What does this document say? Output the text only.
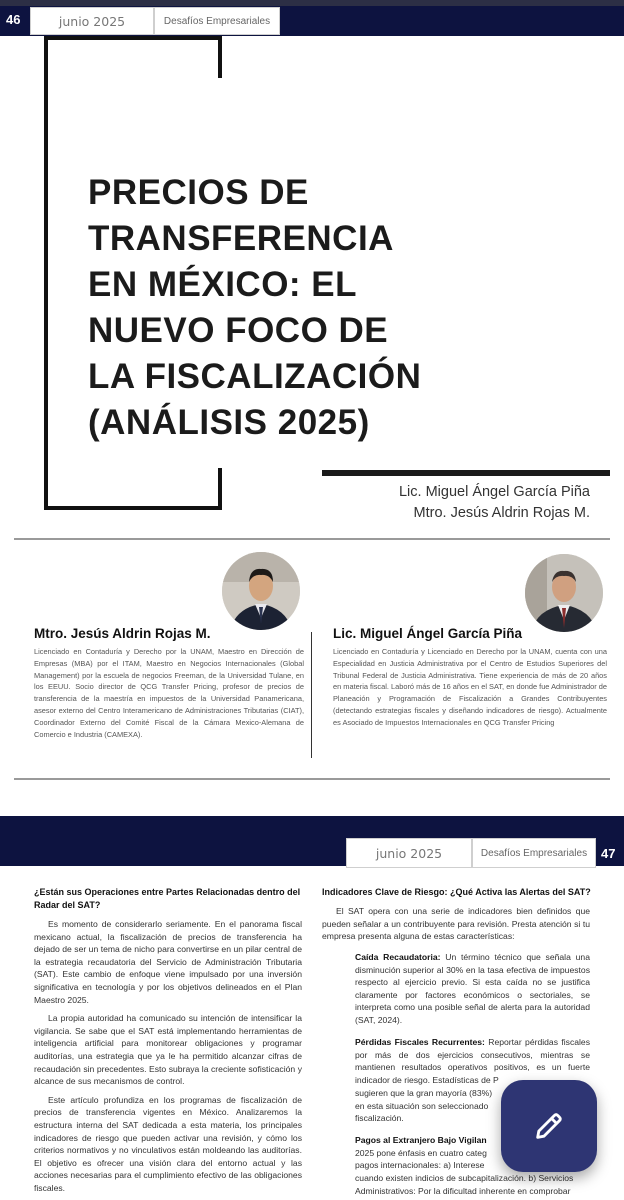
46	junio 2025	Desafíos Empresariales
PRECIOS DE
TRANSFERENCIA
EN MÉXICO: EL
NUEVO FOCO DE
LA FISCALIZACIÓN
(ANÁLISIS 2025)
Lic. Miguel Ángel García Piña
Mtro. Jesús Aldrin Rojas M.
Mtro. Jesús Aldrin Rojas M.
Licenciado en Contaduría y Derecho por la UNAM, Maestro en Dirección de Empresas (MBA) por el ITAM, Maestro en Negocios Internacionales (Global Management) por la escuela de negocios Freeman, de la Universidad Tulane, en los EEUU. Socio director de QCG Transfer Pricing, profesor de precios de transferencia de la maestría en impuestos de la Universidad Panamericana, asesor externo del Centro Interamericano de Administraciones Tributarias (CIAT), Coordinador Externo del Comité Fiscal de la Cámara Mexico-Alemana de Comercio e Industria (CAMEXA).
Lic. Miguel Ángel García Piña
Licenciado en Contaduría y Licenciado en Derecho por la UNAM, cuenta con una Especialidad en Justicia Administrativa por el Centro de Estudios Superiores del Tribunal Federal de Justicia Administrativa. Tiene experiencia de más de 20 años en materia fiscal. Laboró más de 16 años en el SAT, en donde fue Administrador de Planeación y Programación de Fiscalización a Grandes Contribuyentes (detectando estrategias fiscales y diseñando indicadores de riesgo). Actualmente es Asociado de Impuestos Internacionales en QCG Transfer Pricing
junio 2025	Desafíos Empresariales 47
¿Están sus Operaciones entre Partes Relacionadas dentro del Radar del SAT?

Es momento de considerarlo seriamente. En el panorama fiscal mexicano actual, la fiscalización de precios de transferencia ha dejado de ser un tema de nicho para convertirse en un pilar central de la estrategia recaudatoria del Servicio de Administración Tributaria (SAT). Este cambio de enfoque viene impulsado por una inversión significativa en tecnología y por los objetivos delineados en el Plan Maestro 2025.

La propia autoridad ha comunicado su intención de intensificar la vigilancia. Se sabe que el SAT está implementando herramientas de inteligencia artificial para monitorear obligaciones y programar auditorías, una estrategia que ya le ha permitido alcanzar cifras de recaudación sin precedentes. Esto subraya la creciente sofisticación y alcance de sus mecanismos de control.

Este artículo profundiza en los programas de fiscalización de precios de transferencia vigentes en México. Analizaremos la estructura interna del SAT dedicada a esta materia, los principales indicadores de riesgo que pueden activar una revisión, y cómo los criterios normativos y no vinculativos están moldeando las auditorías. El objetivo es ofrecer una visión clara del entorno actual y las acciones necesarias para el cumplimiento efectivo de las obligaciones fiscales.

Indicadores Clave de Riesgo: ¿Qué Activa las Alertas del SAT?
El SAT opera con una serie de indicadores bien definidos que pueden señalar a un contribuyente para revisión. Presta atención si tu empresa presenta alguna de estas características:
Caída Recaudatoria: Un término técnico que señala una disminución superior al 30% en la tasa efectiva de impuestos respecto al ejercicio previo. Si esta caída no se justifica claramente por factores económicos o sectoriales, se interpreta como una posible señal de alerta para la autoridad (SAT, 2024).
Pérdidas Fiscales Recurrentes: Reportar pérdidas fiscales por más de dos ejercicios consecutivos, mientras se mantienen resultados operativos positivos, es un fuerte indicador de riesgo. Estadísticas de P
sugieren que la gran mayoría (83%)
en esta situación son seleccionado
fiscalización.
Pagos al Extranjero Bajo Vigilan
2025 pone énfasis en cuatro categ
pagos internacionales: a) Interese
cuando existen indicios de subcapitalización. b) Servicios
Administrativos: Por la dificultad inherente en comprobar
